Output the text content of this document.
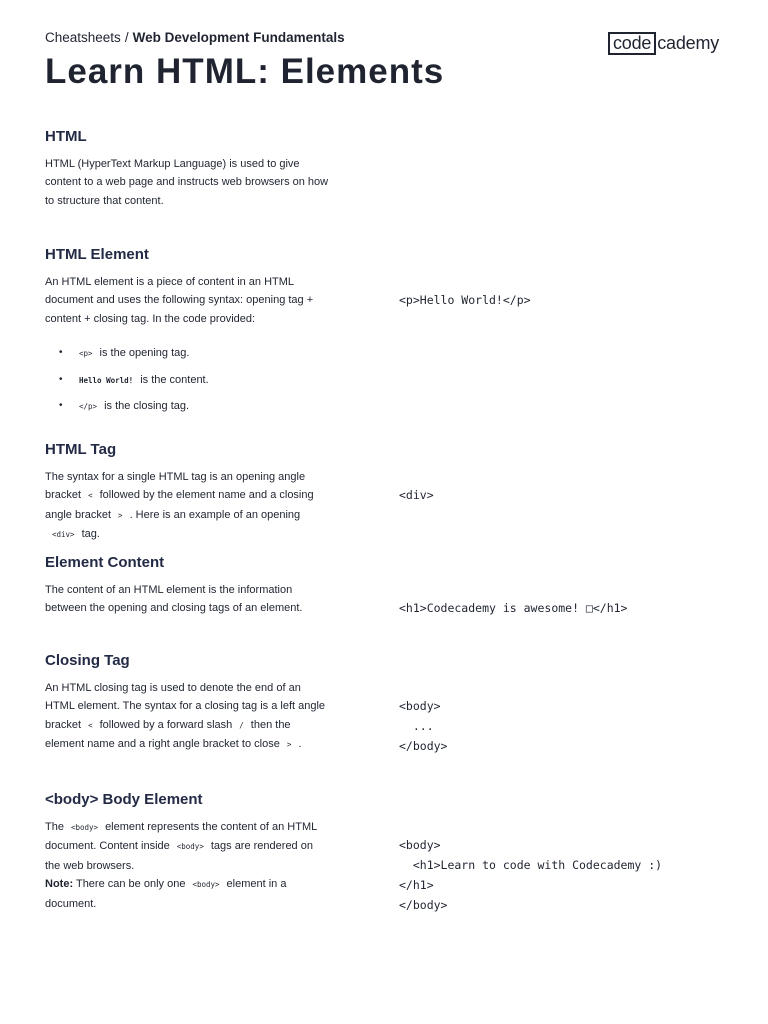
Cheatsheets / Web Development Fundamentals	code cademy
Learn HTML: Elements
HTML
HTML (HyperText Markup Language) is used to give content to a web page and instructs web browsers on how to structure that content.
HTML Element
An HTML element is a piece of content in an HTML document and uses the following syntax: opening tag + content + closing tag. In the code provided:
• <p> is the opening tag.
• Hello World! is the content.
• </p> is the closing tag.
<p>Hello World!</p>
HTML Tag
The syntax for a single HTML tag is an opening angle bracket < followed by the element name and a closing angle bracket > . Here is an example of an opening <div> tag.
<div>
Element Content
The content of an HTML element is the information between the opening and closing tags of an element.	<h1>Codecademy is awesome! □</h1>
Closing Tag
An HTML closing tag is used to denote the end of an HTML element. The syntax for a closing tag is a left angle bracket < followed by a forward slash / then the element name and a right angle bracket to close > .
<body>
...
</body>
<body> Body Element
The <body> element represents the content of an HTML document. Content inside <body> tags are rendered on the web browsers.
Note: There can be only one <body> element in a document.
<body>
<h1>Learn to code with Codecademy :)
</h1>
</body>
